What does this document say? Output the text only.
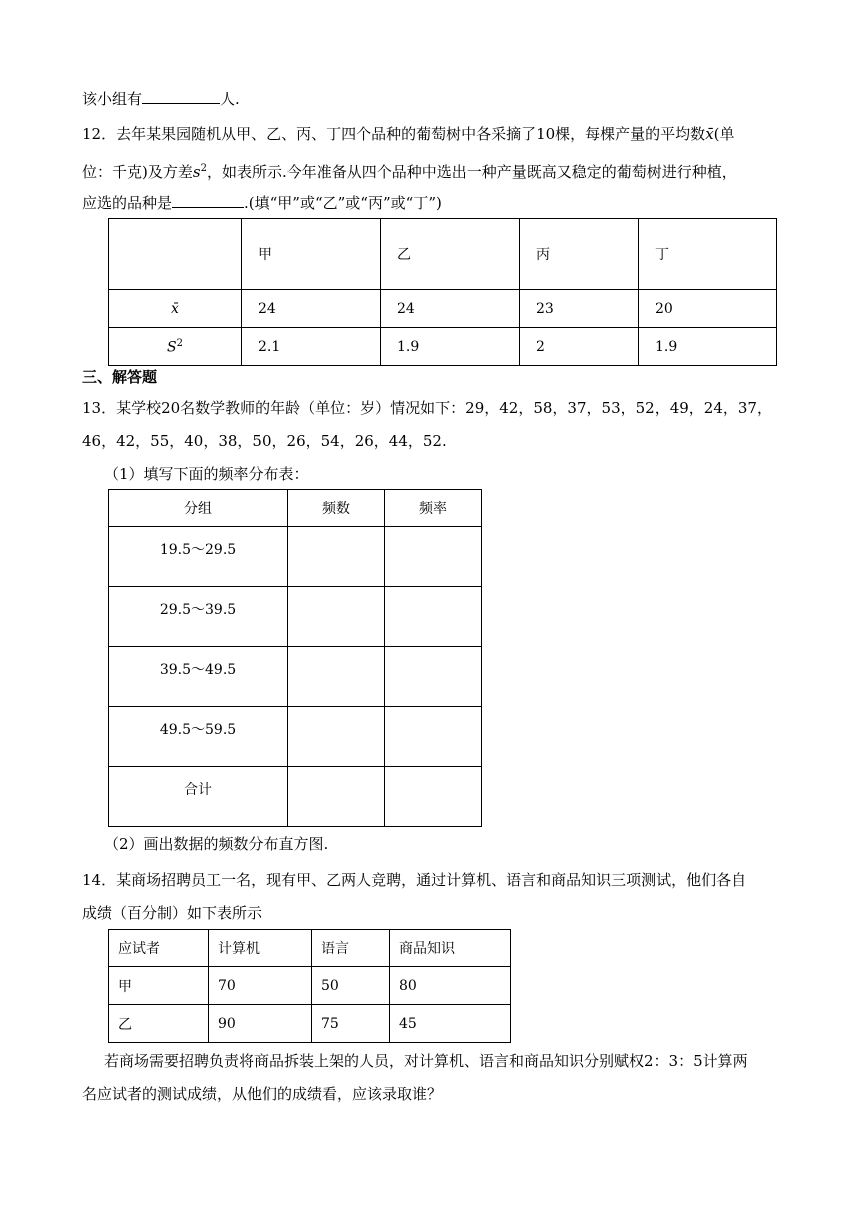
该小组有	人.
12．去年某果园随机从甲、乙、丙、丁四个品种的葡萄树中各采摘了10棵，每棵产量的平均数x̄(单
位：千克)及方差$s^2$，如表所示.今年准备从四个品种中选出一种产量既高又稳定的葡萄树进行种植，
应选的品种是	.(填“甲”或“乙”或“丙”或“丁”)
	甲	乙	丙	丁
x̄	24	24	23	20
$S^2$	2.1	1.9	2	1.9
三、解答题
13．某学校20名数学教师的年龄（单位：岁）情况如下：29，42，58，37，53，52，49，24，37，
46，42，55，40，38，50，26，54，26，44，52.
（1）填写下面的频率分布表：
分组	频数	频率
19.5～29.5		
29.5～39.5		
39.5～49.5		
49.5～59.5		
合计		
（2）画出数据的频数分布直方图.
14．某商场招聘员工一名，现有甲、乙两人竞聘，通过计算机、语言和商品知识三项测试，他们各自
成绩（百分制）如下表所示
应试者	计算机	语言	商品知识
甲	70	50	80
乙	90	75	45
若商场需要招聘负责将商品拆装上架的人员，对计算机、语言和商品知识分别赋权2：3：5计算两
名应试者的测试成绩，从他们的成绩看，应该录取谁？
